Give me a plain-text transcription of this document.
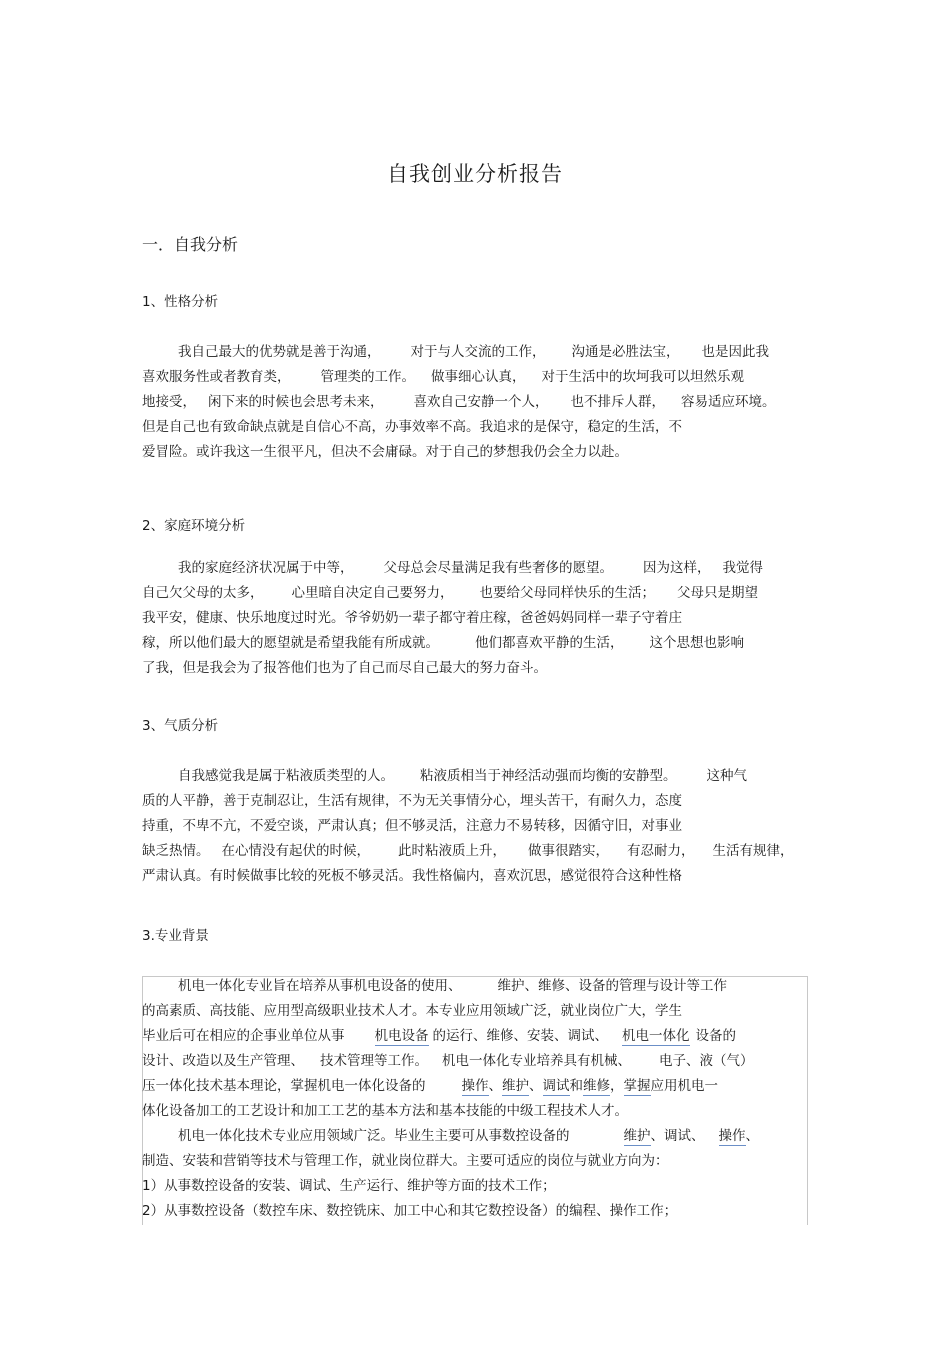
自我创业分析报告
一．自我分析
1、性格分析
我自己最大的优势就是善于沟通， 对于与人交流的工作， 沟通是必胜法宝， 也是因此我
喜欢服务性或者教育类， 管理类的工作。 做事细心认真， 对于生活中的坎坷我可以坦然乐观
地接受， 闲下来的时候也会思考未来， 喜欢自己安静一个人， 也不排斥人群， 容易适应环境。
但是自己也有致命缺点就是自信心不高，办事效率不高。我追求的是保守，稳定的生活，不
爱冒险。或许我这一生很平凡，但决不会庸碌。对于自己的梦想我仍会全力以赴。
2、家庭环境分析
我的家庭经济状况属于中等， 父母总会尽量满足我有些奢侈的愿望。 因为这样， 我觉得
自己欠父母的太多， 心里暗自决定自己要努力， 也要给父母同样快乐的生活； 父母只是期望
我平安，健康、快乐地度过时光。爷爷奶奶一辈子都守着庄稼，爸爸妈妈同样一辈子守着庄
稼，所以他们最大的愿望就是希望我能有所成就。	他们都喜欢平静的生活， 这个思想也影响
了我，但是我会为了报答他们也为了自己而尽自己最大的努力奋斗。
3、气质分析
自我感觉我是属于粘液质类型的人。 粘液质相当于神经活动强而均衡的安静型。 这种气
质的人平静，善于克制忍让，生活有规律，不为无关事情分心，埋头苦干，有耐久力，态度
持重，不卑不亢，不爱空谈，严肃认真；但不够灵活，注意力不易转移，因循守旧，对事业
缺乏热情。 在心情没有起伏的时候， 此时粘液质上升， 做事很踏实， 有忍耐力， 生活有规律，
严肃认真。有时候做事比较的死板不够灵活。我性格偏内，喜欢沉思，感觉很符合这种性格
3.专业背景
机电一体化专业旨在培养从事机电设备的使用、	维护、维修、设备的管理与设计等工作
的高素质、高技能、应用型高级职业技术人才。本专业应用领域广泛，就业岗位广大，学生
毕业后可在相应的企事业单位从事 机电设备 的运行、维修、安装、调试、 机电一体化 设备的
设计、改造以及生产管理、 技术管理等工作。 机电一体化专业培养具有机械、 电子、液（气）
压一体化技术基本理论，掌握机电一体化设备的	操作、维护、调试和维修，掌握应用机电一
体化设备加工的工艺设计和加工工艺的基本方法和基本技能的中级工程技术人才。
机电一体化技术专业应用领域广泛。毕业生主要可从事数控设备的	维护、调试、 操作、
制造、安装和营销等技术与管理工作，就业岗位群大。主要可适应的岗位与就业方向为：
1）从事数控设备的安装、调试、生产运行、维护等方面的技术工作；
2）从事数控设备（数控车床、数控铣床、加工中心和其它数控设备）的编程、操作工作；
